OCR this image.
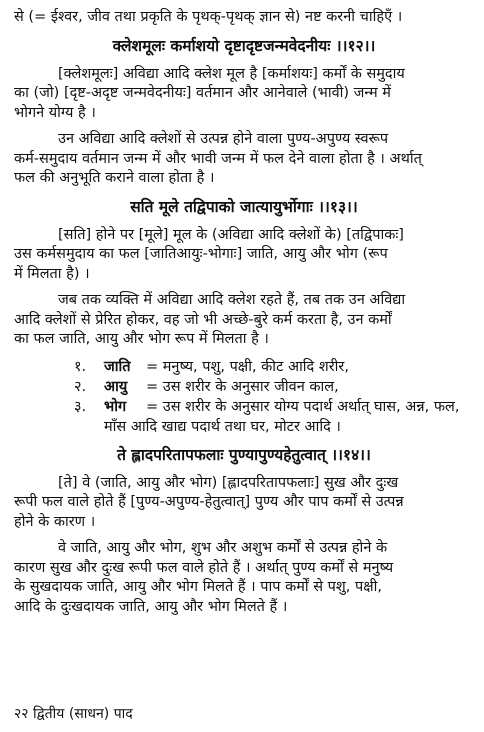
से (= ईश्वर, जीव तथा प्रकृति के पृथक्-पृथक् ज्ञान से) नष्ट करनी चाहिएँ ।
क्लेशमूलः कर्माशयो दृष्टादृष्टजन्मवेदनीयः ।।१२।।
[क्लेशमूलः] अविद्या आदि क्लेश मूल है [कर्माशयः] कर्मों के समुदाय
का (जो) [दृष्ट-अदृष्ट जन्मवेदनीयः] वर्तमान और आनेवाले (भावी) जन्म में
भोगने योग्य है ।
उन अविद्या आदि क्लेशों से उत्पन्न होने वाला पुण्य-अपुण्य स्वरूप
कर्म-समुदाय वर्तमान जन्म में और भावी जन्म में फल देने वाला होता है । अर्थात्
फल की अनुभूति कराने वाला होता है ।
सति मूले तद्विपाको जात्यायुर्भोगाः ।।१३।।
[सति] होने पर [मूले] मूल के (अविद्या आदि क्लेशों के) [तद्विपाकः]
उस कर्मसमुदाय का फल [जातिआयुः-भोगाः] जाति, आयु और भोग (रूप
में मिलता है) ।
जब तक व्यक्ति में अविद्या आदि क्लेश रहते हैं, तब तक उन अविद्या
आदि क्लेशों से प्रेरित होकर, वह जो भी अच्छे-बुरे कर्म करता है, उन कर्मों
का फल जाति, आयु और भोग रूप में मिलता है ।
१.	जाति	= मनुष्य, पशु, पक्षी, कीट आदि शरीर,
२.	आयु	= उस शरीर के अनुसार जीवन काल,
३.	भोग	= उस शरीर के अनुसार योग्य पदार्थ अर्थात् घास, अन्न, फल,
माँस आदि खाद्य पदार्थ तथा घर, मोटर आदि ।
ते ह्लादपरितापफलाः पुण्यापुण्यहेतुत्वात् ।।१४।।
[ते] वे (जाति, आयु और भोग) [ह्लादपरितापफलाः] सुख और दुःख
रूपी फल वाले होते हैं [पुण्य-अपुण्य-हेतुत्वात्] पुण्य और पाप कर्मों से उत्पन्न
होने के कारण ।
वे जाति, आयु और भोग, शुभ और अशुभ कर्मों से उत्पन्न होने के
कारण सुख और दुःख रूपी फल वाले होते हैं । अर्थात् पुण्य कर्मों से मनुष्य
के सुखदायक जाति, आयु और भोग मिलते हैं । पाप कर्मों से पशु, पक्षी,
आदि के दुःखदायक जाति, आयु और भोग मिलते हैं ।
२२ द्वितीय (साधन) पाद
